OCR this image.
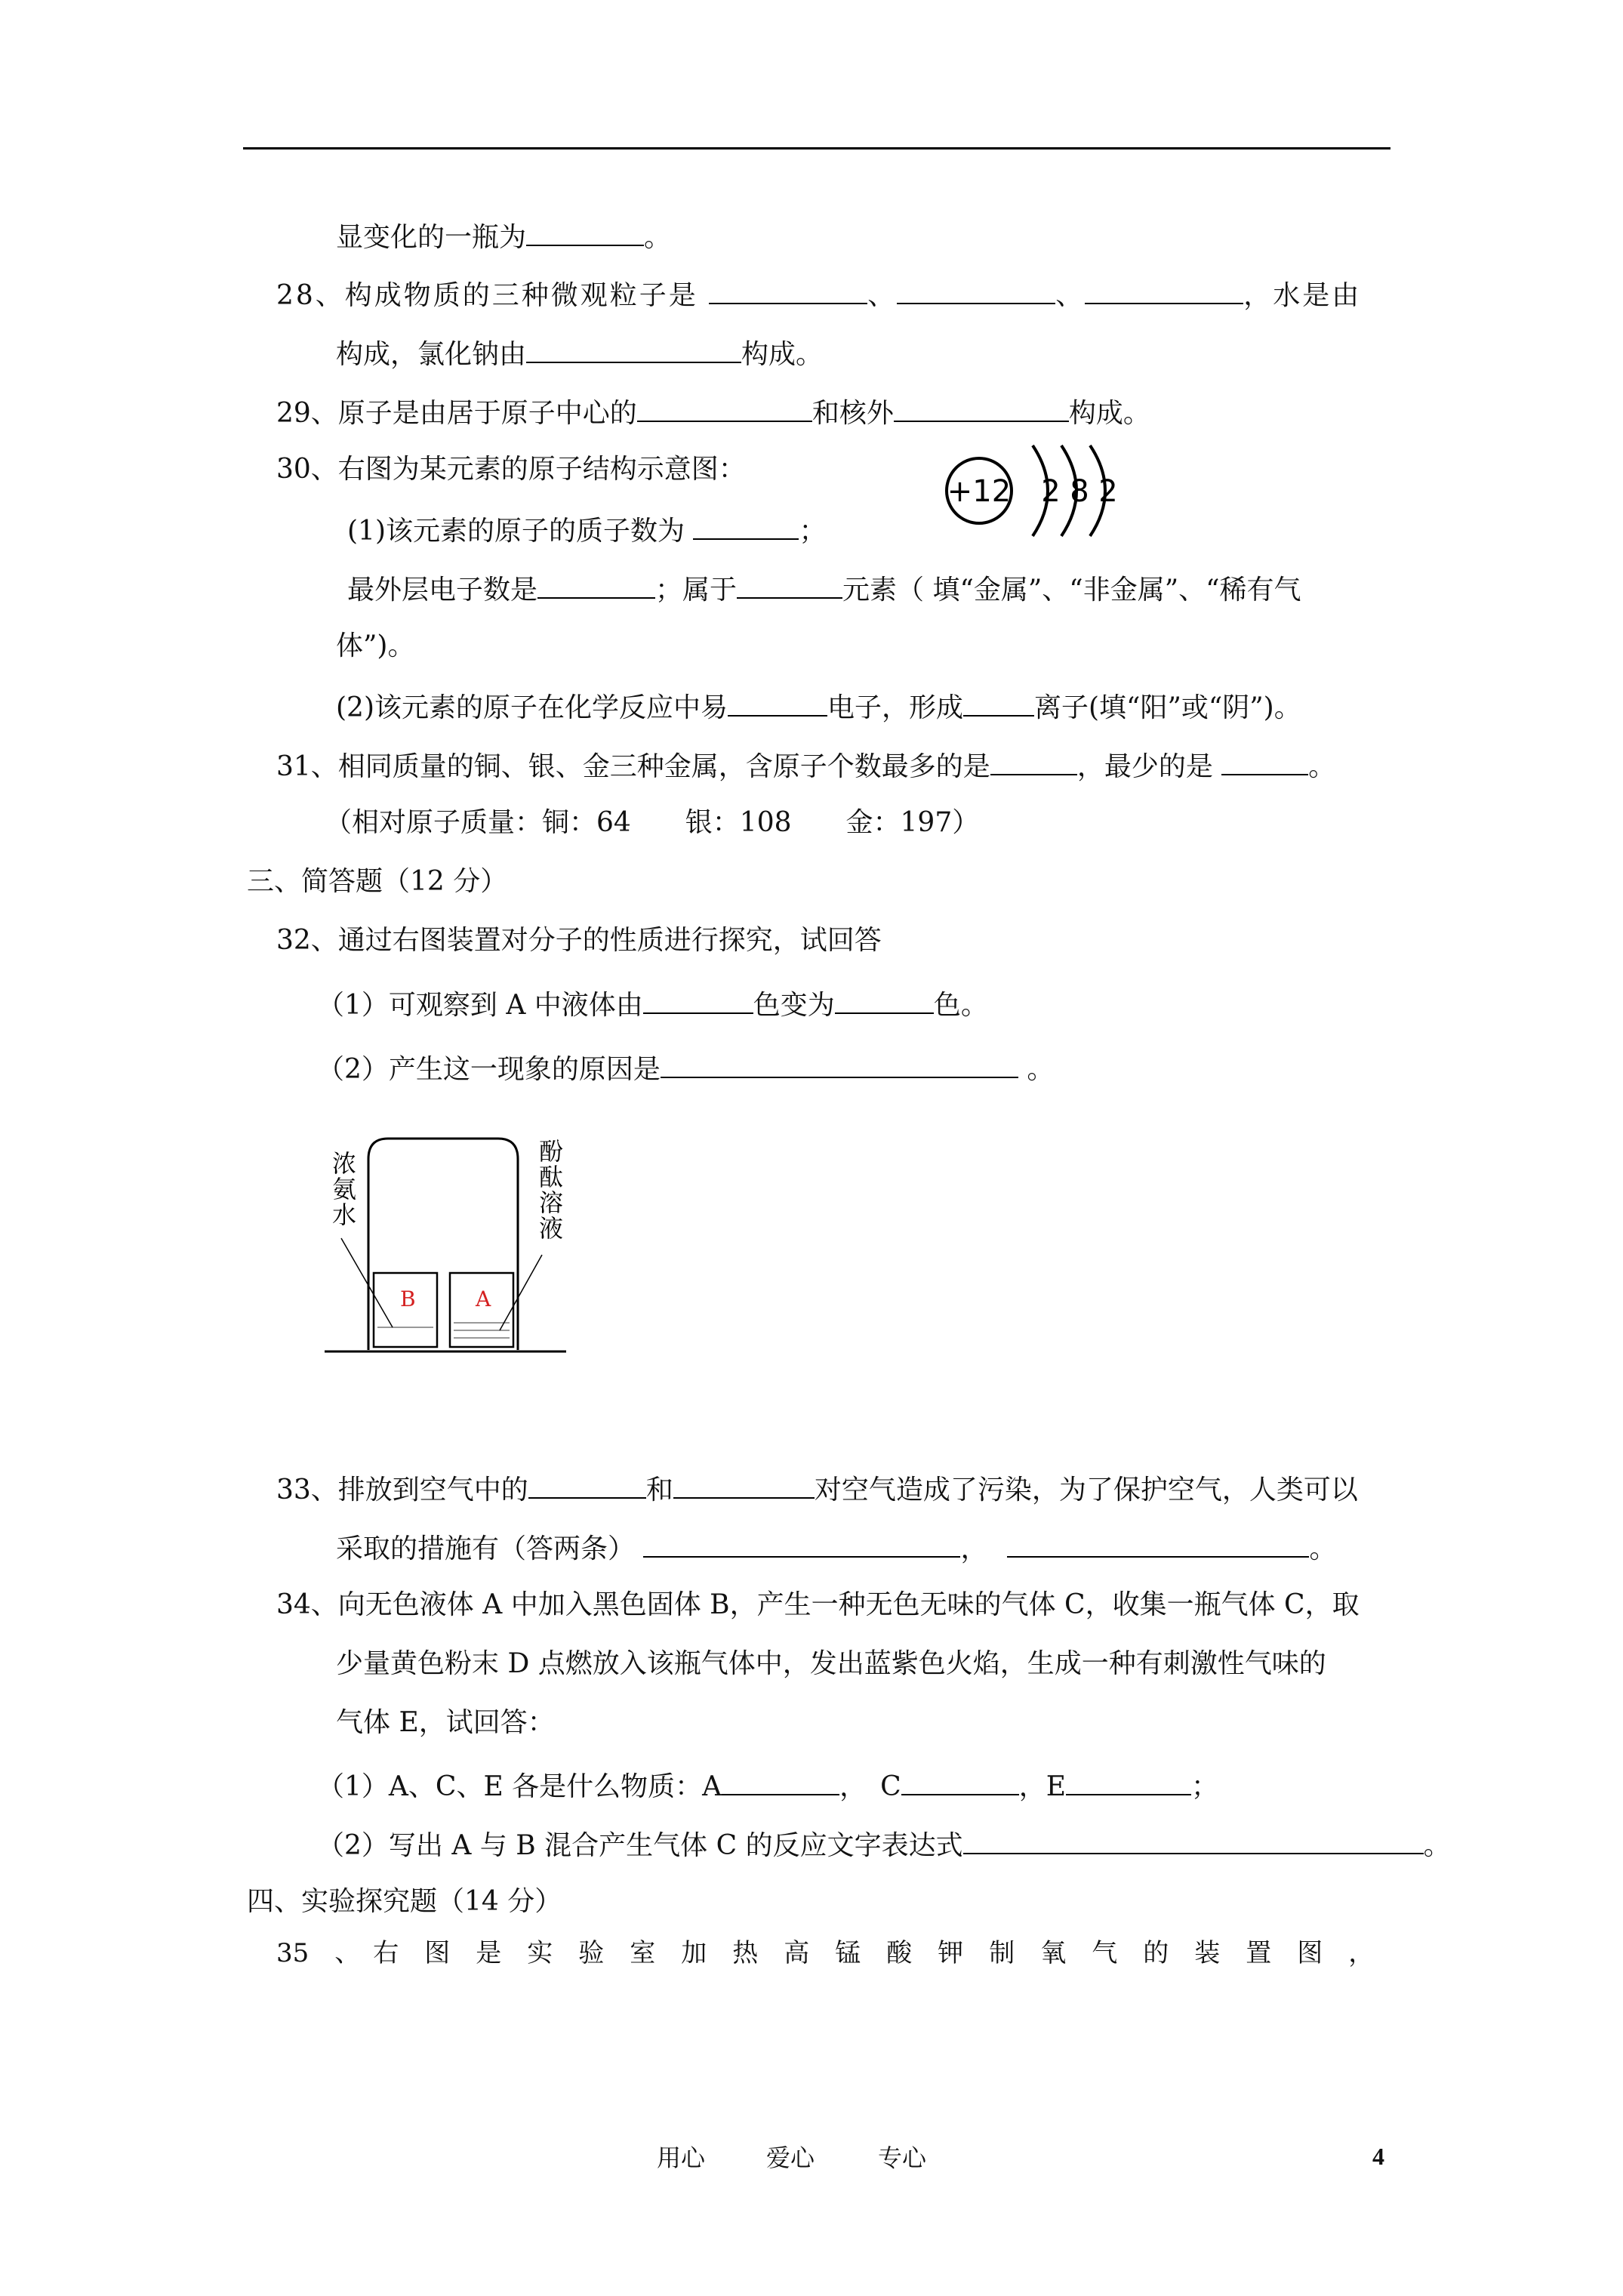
显变化的一瓶为	。
28、构成物质的三种微观粒子是	、	、	，水是由
构成，氯化钠由	构成。
29、原子是由居于原子中心的	和核外	构成。
30、右图为某元素的原子结构示意图：
+12 2 8 2
(1)该元素的原子的质子数为	；
最外层电子数是	；属于	元素（ 填“金属”、“非金属”、“稀有气
体”)。
(2)该元素的原子在化学反应中易	电子，形成	离子(填“阳”或“阴”)。
31、相同质量的铜、银、金三种金属，含原子个数最多的是	，最少的是	。
（相对原子质量：铜：64　　银：108　　金：197）
三、简答题（12 分）
32、通过右图装置对分子的性质进行探究，试回答
（1）可观察到 A 中液体由	色变为	色。
（2）产生这一现象的原因是	。
B	A
浓
氨
水
酚
酞
溶
液
33、排放到空气中的	和	对空气造成了污染，为了保护空气，人类可以
采取的措施有（答两条）	，	。
34、向无色液体 A 中加入黑色固体 B，产生一种无色无味的气体 C，收集一瓶气体 C，取
少量黄色粉末 D 点燃放入该瓶气体中，发出蓝紫色火焰，生成一种有刺激性气味的
气体 E，试回答：
（1）A、C、E 各是什么物质：A	，　C	，E	；
（2）写出 A 与 B 混合产生气体 C 的反应文字表达式	。
四、实验探究题（14 分）
35　、　右　图　是　实　验　室　加　热　高　锰　酸　钾　制　氧　气　的　装　置　图　，
用心	爱心	专心	4
